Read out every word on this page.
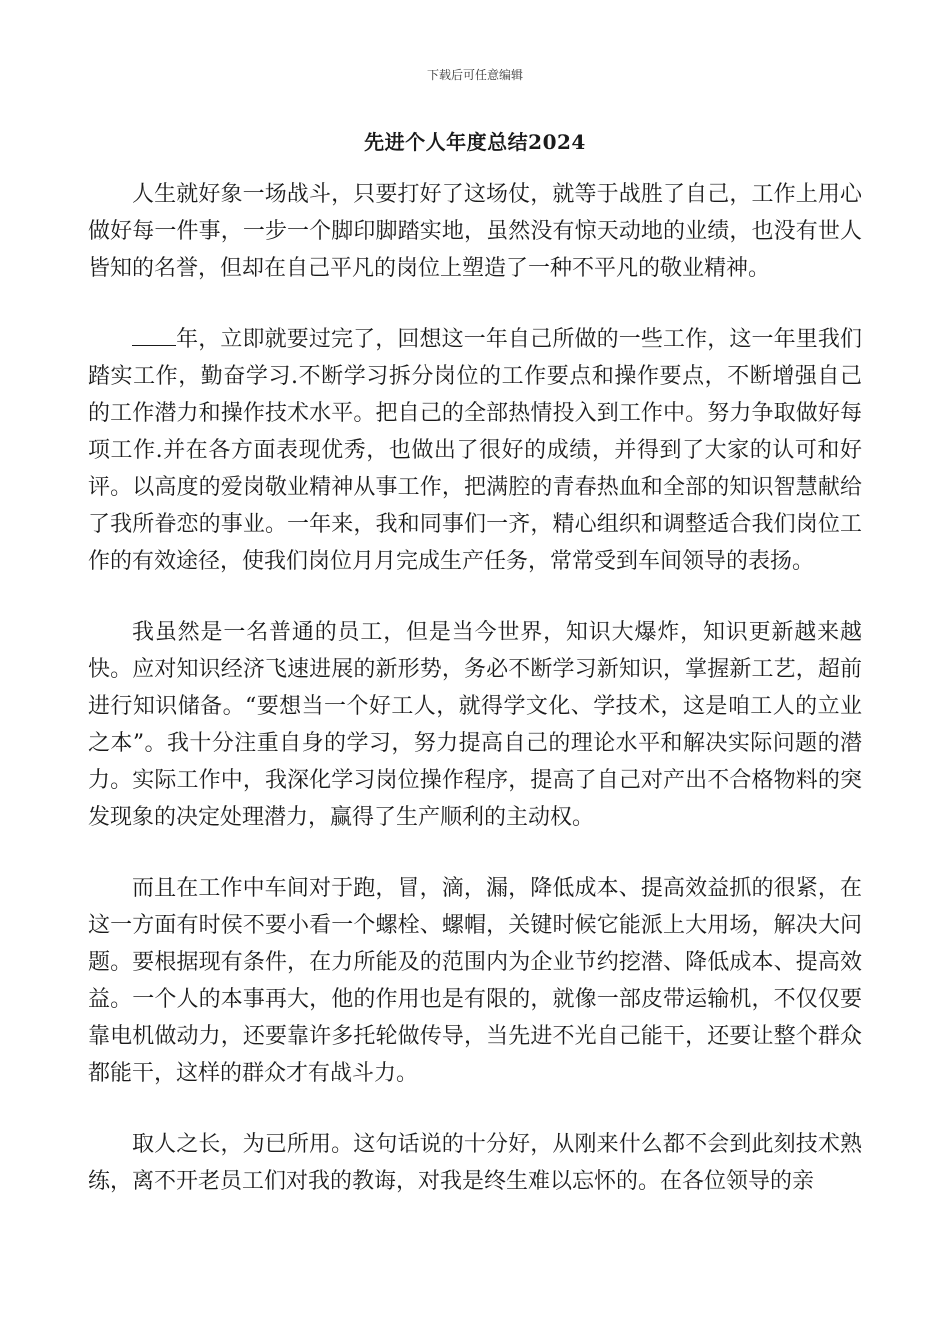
下载后可任意编辑
先进个人年度总结2024

人生就好象一场战斗，只要打好了这场仗，就等于战胜了自己，工作上用心做好每一件事，一步一个脚印脚踏实地，虽然没有惊天动地的业绩，也没有世人皆知的名誉，但却在自己平凡的岗位上塑造了一种不平凡的敬业精神。

年，立即就要过完了，回想这一年自己所做的一些工作，这一年里我们踏实工作，勤奋学习.不断学习拆分岗位的工作要点和操作要点，不断增强自己的工作潜力和操作技术水平。把自己的全部热情投入到工作中。努力争取做好每项工作.并在各方面表现优秀，也做出了很好的成绩，并得到了大家的认可和好评。以高度的爱岗敬业精神从事工作，把满腔的青春热血和全部的知识智慧献给了我所眷恋的事业。一年来，我和同事们一齐，精心组织和调整适合我们岗位工作的有效途径，使我们岗位月月完成生产任务，常常受到车间领导的表扬。

我虽然是一名普通的员工，但是当今世界，知识大爆炸，知识更新越来越快。应对知识经济飞速进展的新形势，务必不断学习新知识，掌握新工艺，超前进行知识储备。“要想当一个好工人，就得学文化、学技术，这是咱工人的立业之本”。我十分注重自身的学习，努力提高自己的理论水平和解决实际问题的潜力。实际工作中，我深化学习岗位操作程序，提高了自己对产出不合格物料的突发现象的决定处理潜力，赢得了生产顺利的主动权。

而且在工作中车间对于跑，冒，滴，漏，降低成本、提高效益抓的很紧，在这一方面有时侯不要小看一个螺栓、螺帽，关键时候它能派上大用场，解决大问题。要根据现有条件，在力所能及的范围内为企业节约挖潜、降低成本、提高效益。一个人的本事再大，他的作用也是有限的，就像一部皮带运输机，不仅仅要靠电机做动力，还要靠许多托轮做传导，当先进不光自己能干，还要让整个群众都能干，这样的群众才有战斗力。

取人之长，为已所用。这句话说的十分好，从刚来什么都不会到此刻技术熟练，离不开老员工们对我的教诲，对我是终生难以忘怀的。在各位领导的亲
